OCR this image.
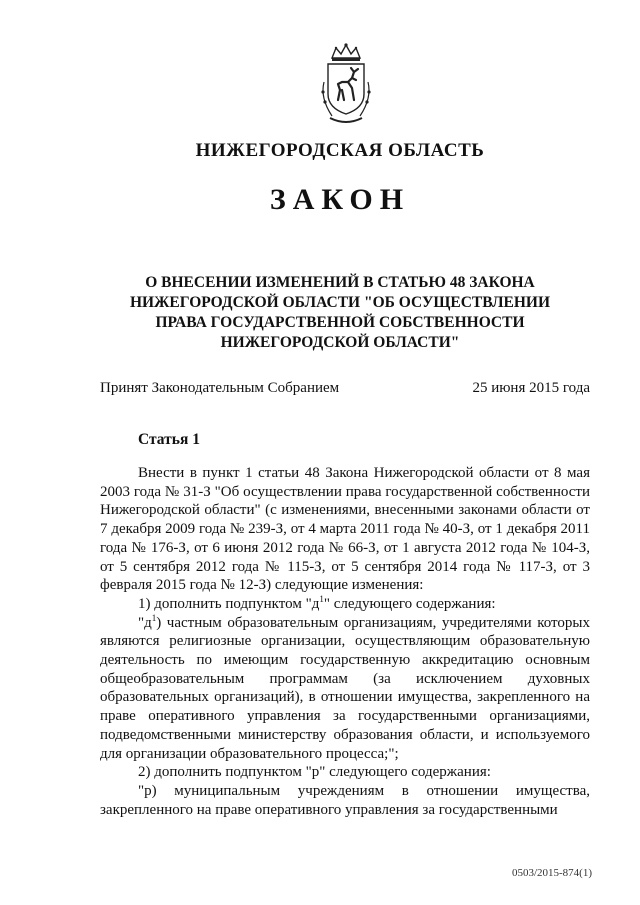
НИЖЕГОРОДСКАЯ ОБЛАСТЬ
ЗАКОН
О ВНЕСЕНИИ ИЗМЕНЕНИЙ В СТАТЬЮ 48 ЗАКОНА
НИЖЕГОРОДСКОЙ ОБЛАСТИ "ОБ ОСУЩЕСТВЛЕНИИ
ПРАВА ГОСУДАРСТВЕННОЙ СОБСТВЕННОСТИ
НИЖЕГОРОДСКОЙ ОБЛАСТИ"
Принят Законодательным Собранием	25 июня 2015 года
Статья 1

Внести в пункт 1 статьи 48 Закона Нижегородской области от 8 мая 2003 года № 31-З "Об осуществлении права государственной собственности Нижегородской области" (с изменениями, внесенными законами области от 7 декабря 2009 года № 239-З, от 4 марта 2011 года № 40-З, от 1 декабря 2011 года № 176-З, от 6 июня 2012 года № 66-З, от 1 августа 2012 года № 104-З, от 5 сентября 2012 года № 115-З, от 5 сентября 2014 года № 117-З, от 3 февраля 2015 года № 12-З) следующие изменения:

1) дополнить подпунктом "$д^1$" следующего содержания:

"$д^1$) частным образовательным организациям, учредителями которых являются религиозные организации, осуществляющим образовательную деятельность по имеющим государственную аккредитацию основным общеобразовательным программам (за исключением духовных образовательных организаций), в отношении имущества, закрепленного на праве оперативного управления за государственными организациями, подведомственными министерству образования области, и используемого для организации образовательного процесса;";

2) дополнить подпунктом "р" следующего содержания:

"р) муниципальным учреждениям в отношении имущества, закрепленного на праве оперативного управления за государственными

0503/2015-874(1)
